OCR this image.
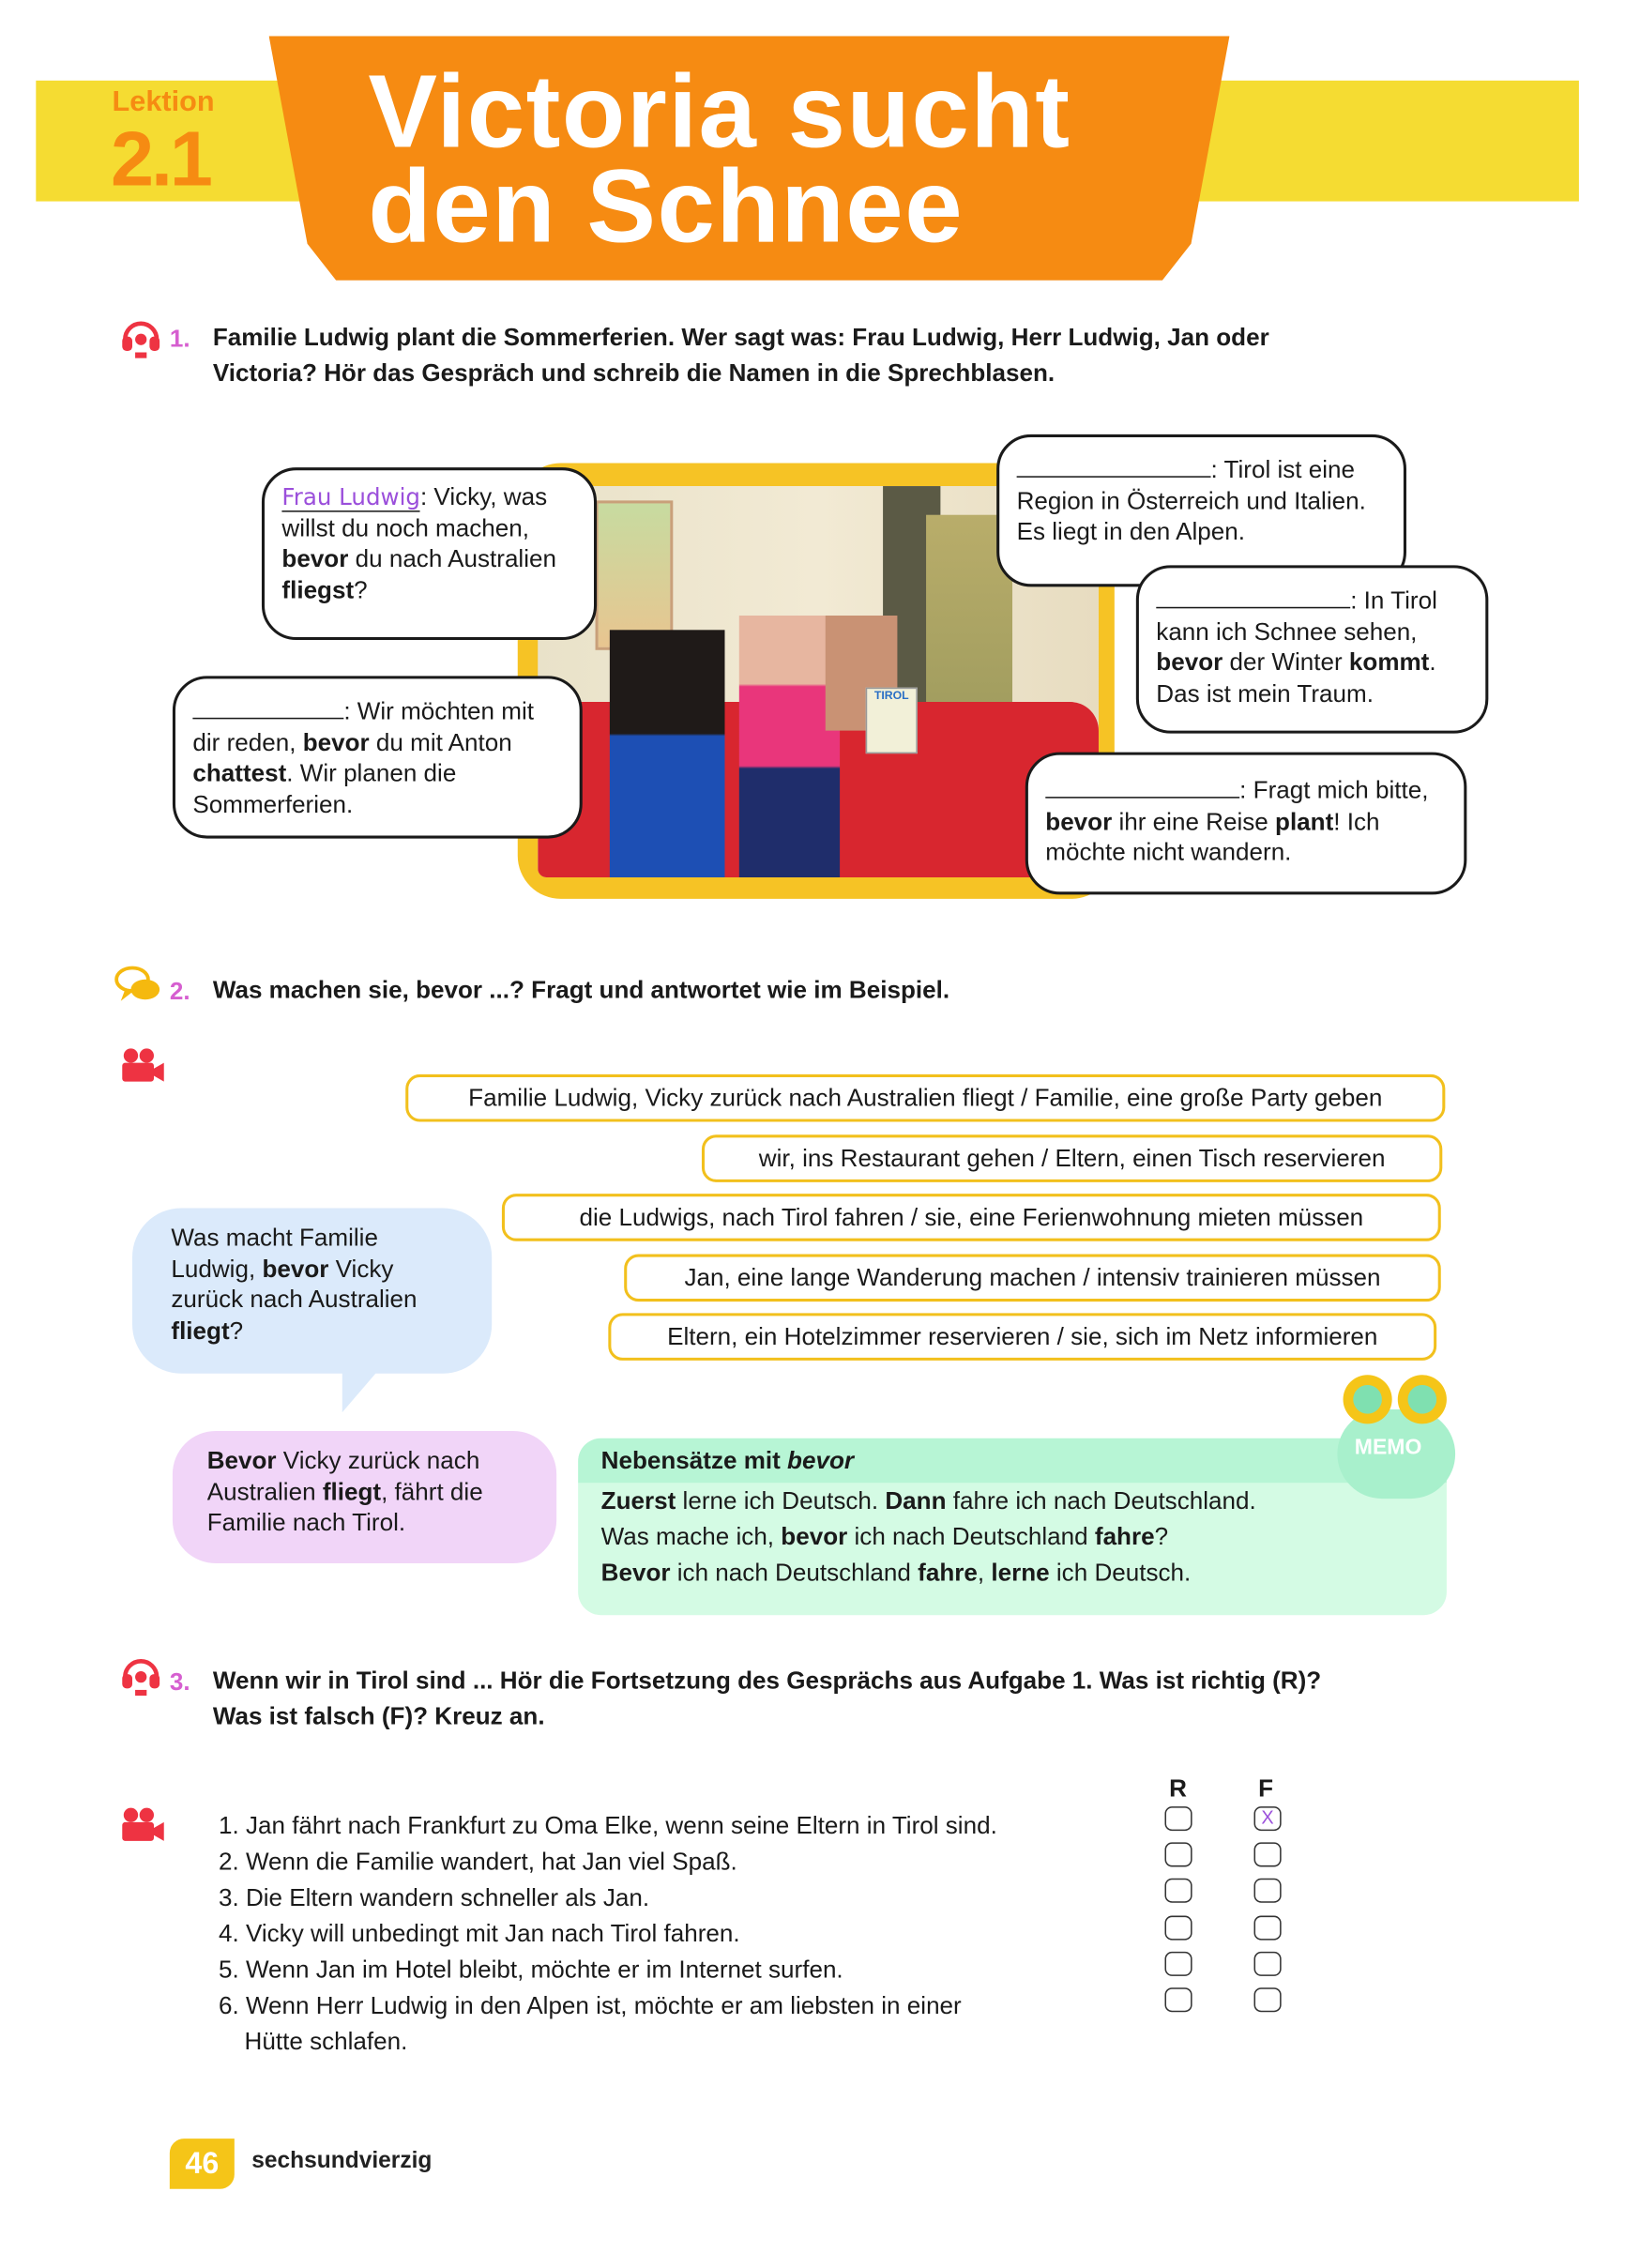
Lektion
2.1 Victoria sucht
den Schnee
1. Familie Ludwig plant die Sommerferien. Wer sagt was: Frau Ludwig, Herr Ludwig, Jan oder
Victoria? Hör das Gespräch und schreib die Namen in die Sprechblasen.
TIROL
Frau Ludwig: Vicky, was willst du noch machen, bevor du nach Australien fliegst?
: Wir möchten mit dir reden, bevor du mit Anton chattest. Wir planen die Sommerferien.
: Tirol ist eine Region in Österreich und Italien. Es liegt in den Alpen.
: In Tirol kann ich Schnee sehen, bevor der Winter kommt. Das ist mein Traum.
: Fragt mich bitte, bevor ihr eine Reise plant! Ich möchte nicht wandern.
2. Was machen sie, bevor ...? Fragt und antwortet wie im Beispiel.
Familie Ludwig, Vicky zurück nach Australien fliegt / Familie, eine große Party geben
wir, ins Restaurant gehen / Eltern, einen Tisch reservieren
die Ludwigs, nach Tirol fahren / sie, eine Ferienwohnung mieten müssen
Jan, eine lange Wanderung machen / intensiv trainieren müssen
Eltern, ein Hotelzimmer reservieren / sie, sich im Netz informieren
Was macht Familie Ludwig, bevor Vicky zurück nach Australien fliegt?
Bevor Vicky zurück nach Australien fliegt, fährt die Familie nach Tirol.
Nebensätze mit bevor
Zuerst lerne ich Deutsch. Dann fahre ich nach Deutschland.
Was mache ich, bevor ich nach Deutschland fahre?
Bevor ich nach Deutschland fahre, lerne ich Deutsch.
MEMO
3. Wenn wir in Tirol sind ... Hör die Fortsetzung des Gesprächs aus Aufgabe 1. Was ist richtig (R)?
Was ist falsch (F)? Kreuz an.
R	F
1. Jan fährt nach Frankfurt zu Oma Elke, wenn seine Eltern in Tirol sind.
2. Wenn die Familie wandert, hat Jan viel Spaß.
3. Die Eltern wandern schneller als Jan.
4. Vicky will unbedingt mit Jan nach Tirol fahren.
5. Wenn Jan im Hotel bleibt, möchte er im Internet surfen.
6. Wenn Herr Ludwig in den Alpen ist, möchte er am liebsten in einer
Hütte schlafen.
X
46	sechsundvierzig
